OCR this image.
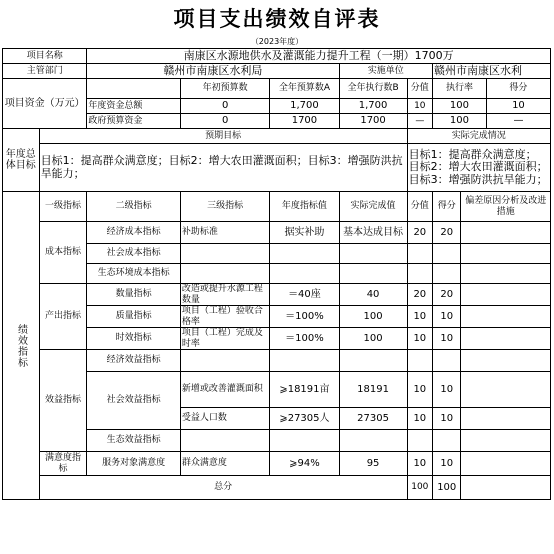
项目支出绩效自评表
（2023年度）
项目名称		南康区水源地供水及灌溉能力提升工程（一期）1700万							
主管部门		赣州市南康区水利局			实施单位		赣州市南康区水利		
项目资金（万元）			年初预算数	全年预算数A	全年执行数B	分值	执行率		得分
		年度资金总额	0	1,700	1,700	10	100		10
		政府预算资金	0	1700	1700	—	100		—
年度总体目标	预期目标					实际完成情况			
	目标1：提高群众满意度；目标2：增大农田灌溉面积；目标3：增强防洪抗旱能力；					目标1：提高群众满意度； 目标2：增大农田灌溉面积； 目标3：增强防洪抗旱能力；			
绩效指标	一级指标	二级指标	三级指标	年度指标值	实际完成值	分值	得分	偏差原因分析及改进措施	
	成本指标	经济成本指标	补助标准	据实补助	基本达成目标	20	20		
		社会成本指标							
		生态环境成本指标							
	产出指标	数量指标	改造或提升水源工程数量	＝40座	40	20	20		
		质量指标	项目（工程）验收合格率	＝100%	100	10	10		
		时效指标	项目（工程）完成及时率	＝100%	100	10	10		
	效益指标	经济效益指标							
		社会效益指标	新增或改善灌溉面积	⩾18191亩	18191	10	10		
			受益人口数	⩾27305人	27305	10	10		
		生态效益指标							
	满意度指标	服务对象满意度	群众满意度	⩾94%	95	10	10		
	总分					100	100		
